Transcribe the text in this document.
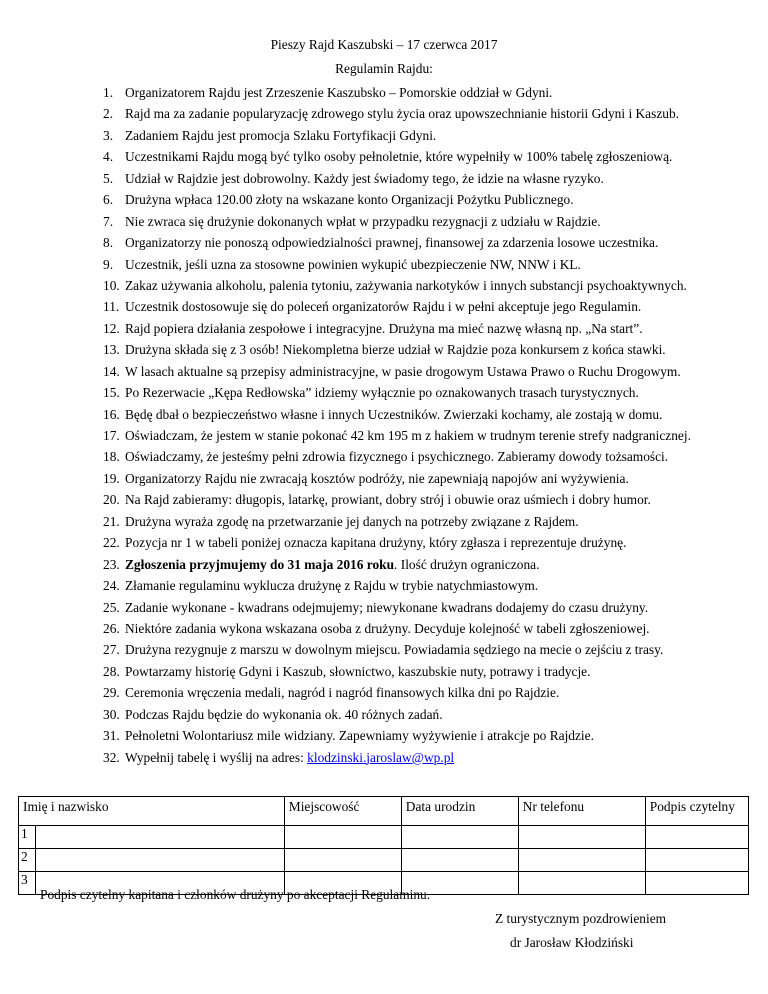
Pieszy Rajd Kaszubski – 17 czerwca 2017
Regulamin Rajdu:
1. Organizatorem Rajdu jest Zrzeszenie Kaszubsko – Pomorskie oddział w Gdyni.
2. Rajd ma za zadanie popularyzację zdrowego stylu życia oraz upowszechnianie historii Gdyni i Kaszub.
3. Zadaniem Rajdu jest promocja Szlaku Fortyfikacji Gdyni.
4. Uczestnikami Rajdu mogą być tylko osoby pełnoletnie, które wypełniły w 100% tabelę zgłoszeniową.
5. Udział w Rajdzie jest dobrowolny. Każdy jest świadomy tego, że idzie na własne ryzyko.
6. Drużyna wpłaca 120.00 złoty na wskazane konto Organizacji Pożytku Publicznego.
7. Nie zwraca się drużynie dokonanych wpłat w przypadku rezygnacji z udziału w Rajdzie.
8. Organizatorzy nie ponoszą odpowiedzialności prawnej, finansowej za zdarzenia losowe uczestnika.
9. Uczestnik, jeśli uzna za stosowne powinien wykupić ubezpieczenie NW, NNW i KL.
10. Zakaz używania alkoholu, palenia tytoniu, zażywania narkotyków i innych substancji psychoaktywnych.
11. Uczestnik dostosowuje się do poleceń organizatorów Rajdu i w pełni akceptuje jego Regulamin.
12. Rajd popiera działania zespołowe i integracyjne. Drużyna ma mieć nazwę własną np. „Na start”.
13. Drużyna składa się z 3 osób! Niekompletna bierze udział w Rajdzie poza konkursem z końca stawki.
14. W lasach aktualne są przepisy administracyjne, w pasie drogowym Ustawa Prawo o Ruchu Drogowym.
15. Po Rezerwacie „Kępa Redłowska” idziemy wyłącznie po oznakowanych trasach turystycznych.
16. Będę dbał o bezpieczeństwo własne i innych Uczestników. Zwierzaki kochamy, ale zostają w domu.
17. Oświadczam, że jestem w stanie pokonać 42 km 195 m z hakiem w trudnym terenie strefy nadgranicznej.
18. Oświadczamy, że jesteśmy pełni zdrowia fizycznego i psychicznego. Zabieramy dowody tożsamości.
19. Organizatorzy Rajdu nie zwracają kosztów podróży, nie zapewniają napojów ani wyżywienia.
20. Na Rajd zabieramy: długopis, latarkę, prowiant, dobry strój i obuwie oraz uśmiech i dobry humor.
21. Drużyna wyraża zgodę na przetwarzanie jej danych na potrzeby związane z Rajdem.
22. Pozycja nr 1 w tabeli poniżej oznacza kapitana drużyny, który zgłasza i reprezentuje drużynę.
23. Zgłoszenia przyjmujemy do 31 maja 2016 roku. Ilość drużyn ograniczona.
24. Złamanie regulaminu wyklucza drużynę z Rajdu w trybie natychmiastowym.
25. Zadanie wykonane - kwadrans odejmujemy; niewykonane kwadrans dodajemy do czasu drużyny.
26. Niektóre zadania wykona wskazana osoba z drużyny. Decyduje kolejność w tabeli zgłoszeniowej.
27. Drużyna rezygnuje z marszu w dowolnym miejscu. Powiadamia sędziego na mecie o zejściu z trasy.
28. Powtarzamy historię Gdyni i Kaszub, słownictwo, kaszubskie nuty, potrawy i tradycje.
29. Ceremonia wręczenia medali, nagród i nagród finansowych kilka dni po Rajdzie.
30. Podczas Rajdu będzie do wykonania ok. 40 różnych zadań.
31. Pełnoletni Wolontariusz mile widziany. Zapewniamy wyżywienie i atrakcje po Rajdzie.
32. Wypełnij tabelę i wyślij na adres: klodzinski.jaroslaw@wp.pl
Imię i nazwisko		Miejscowość	Data urodzin	Nr telefonu	Podpis czytelny
1					
2					
3					
Podpis czytelny kapitana i członków drużyny po akceptacji Regulaminu.
Z turystycznym pozdrowieniem
dr Jarosław Kłodziński
